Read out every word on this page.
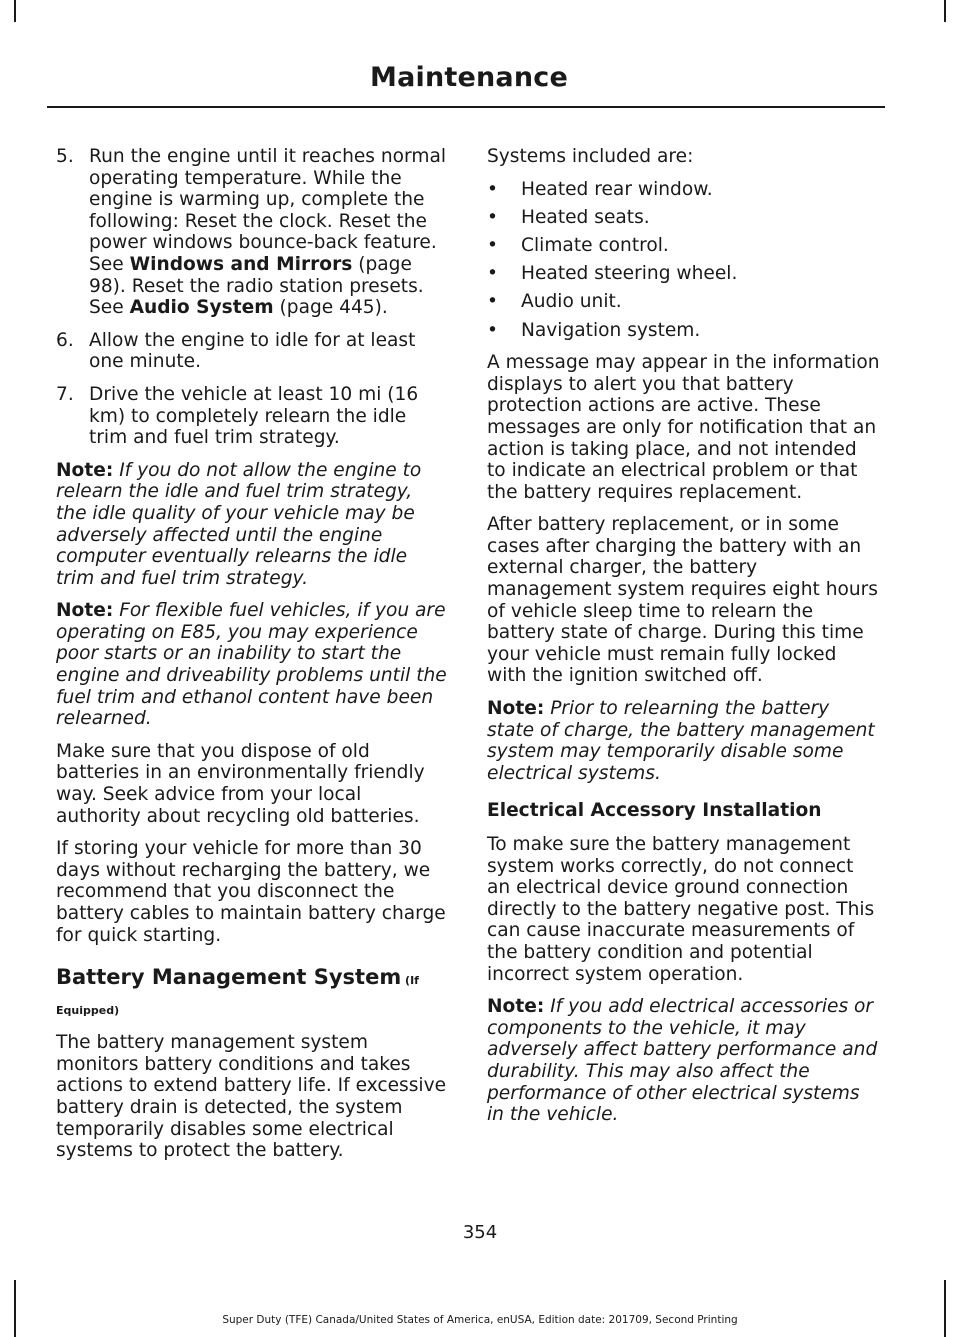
Maintenance
5. Run the engine until it reaches normal operating temperature. While the engine is warming up, complete the following: Reset the clock. Reset the power windows bounce-back feature. See Windows and Mirrors (page 98). Reset the radio station presets. See Audio System (page 445).
6. Allow the engine to idle for at least one minute.
7. Drive the vehicle at least 10 mi (16 km) to completely relearn the idle trim and fuel trim strategy.

Note: If you do not allow the engine to relearn the idle and fuel trim strategy, the idle quality of your vehicle may be adversely affected until the engine computer eventually relearns the idle trim and fuel trim strategy.

Note: For flexible fuel vehicles, if you are operating on E85, you may experience poor starts or an inability to start the engine and driveability problems until the fuel trim and ethanol content have been relearned.

Make sure that you dispose of old batteries in an environmentally friendly way. Seek advice from your local authority about recycling old batteries.

If storing your vehicle for more than 30 days without recharging the battery, we recommend that you disconnect the battery cables to maintain battery charge for quick starting.

Battery Management System (If Equipped)

The battery management system monitors battery conditions and takes actions to extend battery life. If excessive battery drain is detected, the system temporarily disables some electrical systems to protect the battery.

Systems included are:

• Heated rear window.
• Heated seats.
• Climate control.
• Heated steering wheel.
• Audio unit.
• Navigation system.

A message may appear in the information displays to alert you that battery protection actions are active. These messages are only for notification that an action is taking place, and not intended to indicate an electrical problem or that the battery requires replacement.

After battery replacement, or in some cases after charging the battery with an external charger, the battery management system requires eight hours of vehicle sleep time to relearn the battery state of charge. During this time your vehicle must remain fully locked with the ignition switched off.

Note: Prior to relearning the battery state of charge, the battery management system may temporarily disable some electrical systems.

Electrical Accessory Installation

To make sure the battery management system works correctly, do not connect an electrical device ground connection directly to the battery negative post. This can cause inaccurate measurements of the battery condition and potential incorrect system operation.

Note: If you add electrical accessories or components to the vehicle, it may adversely affect battery performance and durability. This may also affect the performance of other electrical systems in the vehicle.

354
Super Duty (TFE) Canada/United States of America, enUSA, Edition date: 201709, Second Printing
